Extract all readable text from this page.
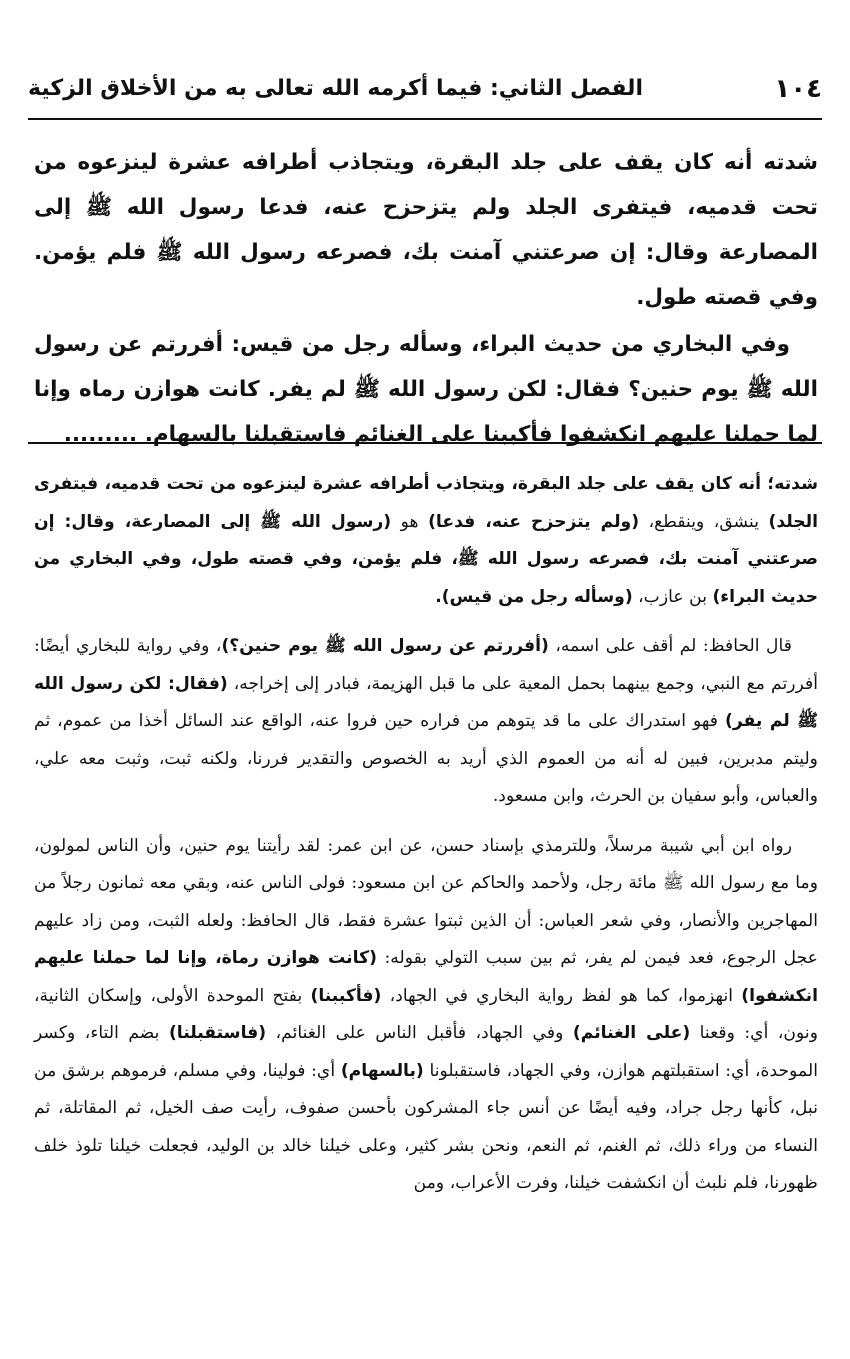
الفصل الثاني: فيما أكرمه الله تعالى به من الأخلاق الزكية	١٠٤

شدته أنه كان يقف على جلد البقرة، ويتجاذب أطرافه عشرة لينزعوه من تحت قدميه، فيتفرى الجلد ولم يتزحزح عنه، فدعا رسول الله ﷺ إلى المصارعة وقال: إن صرعتني آمنت بك، فصرعه رسول الله ﷺ فلم يؤمن. وفي قصته طول.

وفي البخاري من حديث البراء، وسأله رجل من قيس: أفررتم عن رسول الله ﷺ يوم حنين؟ فقال: لكن رسول الله ﷺ لم يفر. كانت هوازن رماه وإنا لما حملنا عليهم انكشفوا فأكببنا على الغنائم فاستقبلنا بالسهام. .........

شدته؛ أنه كان يقف على جلد البقرة، ويتجاذب أطرافه عشرة لينزعوه من تحت قدميه، فيتفرى الجلد) ينشق، وينقطع، (ولم يتزحزح عنه، فدعا) هو (رسول الله ﷺ إلى المصارعة، وقال: إن صرعتني آمنت بك، فصرعه رسول الله ﷺ، فلم يؤمن، وفي قصته طول، وفي البخاري من حديث البراء) بن عازب، (وسأله رجل من قيس).

قال الحافظ: لم أقف على اسمه، (أفررتم عن رسول الله ﷺ يوم حنين؟)، وفي رواية للبخاري أيضًا: أفررتم مع النبي، وجمع بينهما بحمل المعية على ما قبل الهزيمة، فبادر إلى إخراجه، (فقال: لكن رسول الله ﷺ لم يفر) فهو استدراك على ما قد يتوهم من فراره حين فروا عنه، الواقع عند السائل أخذا من عموم، ثم وليتم مدبرين، فبين له أنه من العموم الذي أريد به الخصوص والتقدير فررنا، ولكنه ثبت، وثبت معه علي، والعباس، وأبو سفيان بن الحرث، وابن مسعود.

رواه ابن أبي شيبة مرسلاً، وللترمذي بإسناد حسن، عن ابن عمر: لقد رأيتنا يوم حنين، وأن الناس لمولون، وما مع رسول الله ﷺ مائة رجل، ولأحمد والحاكم عن ابن مسعود: فولى الناس عنه، وبقي معه ثمانون رجلاً من المهاجرين والأنصار، وفي شعر العباس: أن الذين ثبتوا عشرة فقط، قال الحافظ: ولعله الثبت، ومن زاد عليهم عجل الرجوع، فعد فيمن لم يفر، ثم بين سبب التولي بقوله: (كانت هوازن رماة، وإنا لما حملنا عليهم انكشفوا) انهزموا، كما هو لفظ رواية البخاري في الجهاد، (فأكببنا) بفتح الموحدة الأولى، وإسكان الثانية، ونون، أي: وقعنا (على الغنائم) وفي الجهاد، فأقبل الناس على الغنائم، (فاستقبلنا) بضم التاء، وكسر الموحدة، أي: استقبلتهم هوازن، وفي الجهاد، فاستقبلونا (بالسهام) أي: فولينا، وفي مسلم، فرموهم برشق من نبل، كأنها رجل جراد، وفيه أيضًا عن أنس جاء المشركون بأحسن صفوف، رأيت صف الخيل، ثم المقاتلة، ثم النساء من وراء ذلك، ثم الغنم، ثم النعم، ونحن بشر كثير، وعلى خيلنا خالد بن الوليد، فجعلت خيلنا تلوذ خلف ظهورنا، فلم نلبث أن انكشفت خيلنا، وفرت الأعراب، ومن
